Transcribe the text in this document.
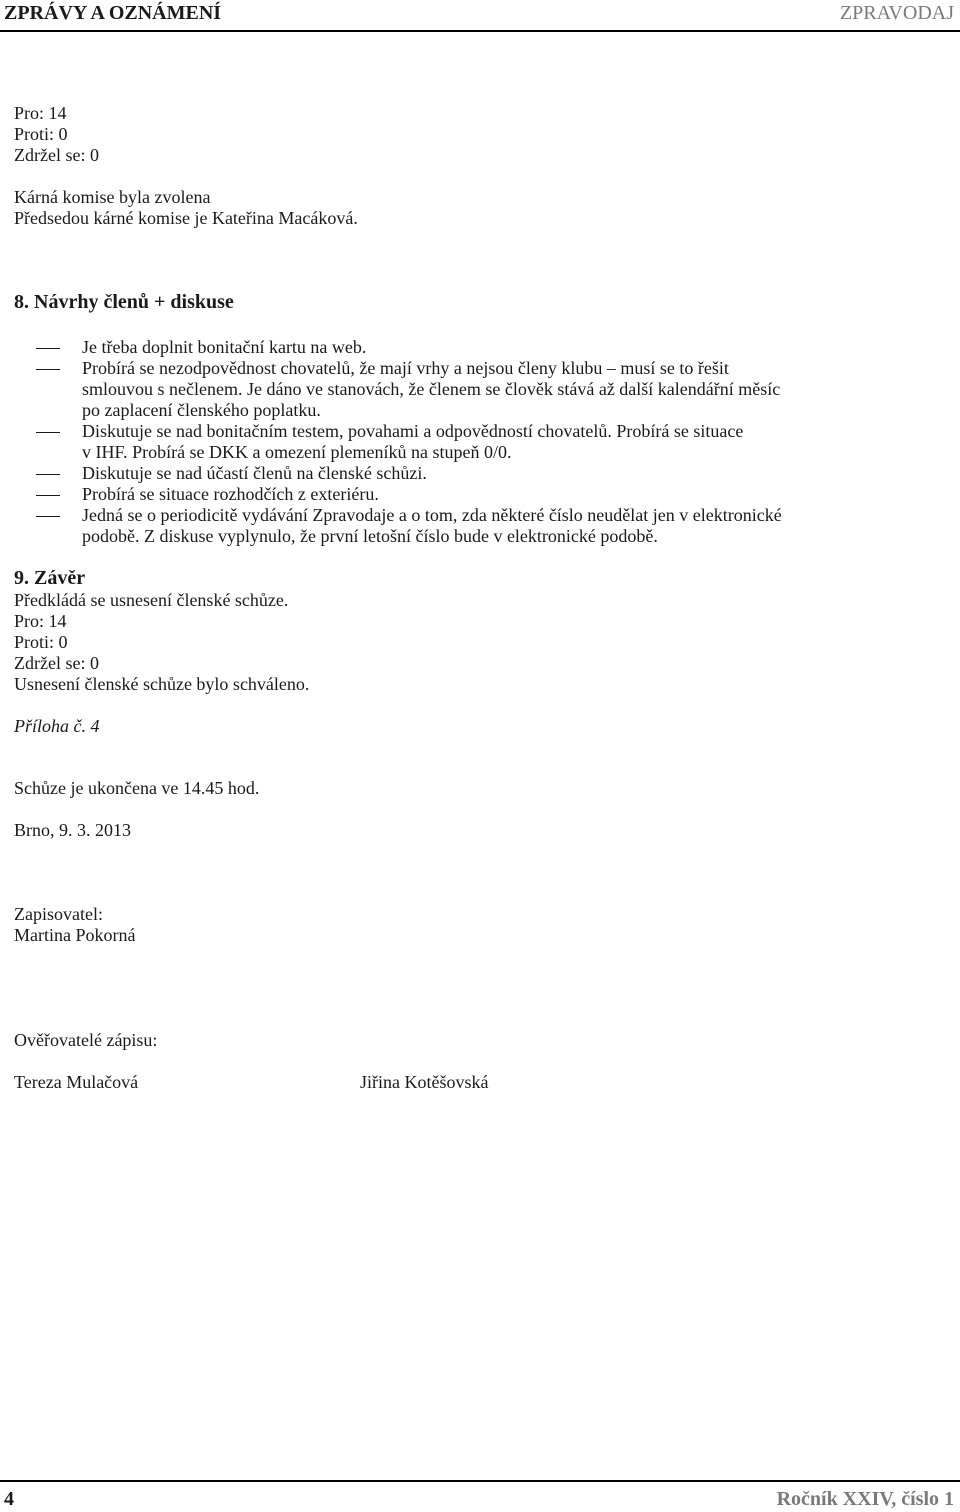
ZPRÁVY A OZNÁMENÍ	ZPRAVODAJ
Pro: 14
Proti: 0
Zdržel se: 0
Kárná komise byla zvolena
Předsedou kárné komise je Kateřina Macáková.
8. Návrhy členů + diskuse
Je třeba doplnit bonitační kartu na web.
Probírá se nezodpovědnost chovatelů, že mají vrhy a nejsou členy klubu – musí se to řešit
smlouvou s nečlenem. Je dáno ve stanovách, že členem se člověk stává až další kalendářní měsíc
po zaplacení členského poplatku.
Diskutuje se nad bonitačním testem, povahami a odpovědností chovatelů. Probírá se situace
v IHF. Probírá se DKK a omezení plemeníků na stupeň 0/0.
Diskutuje se nad účastí členů na členské schůzi.
Probírá se situace rozhodčích z exteriéru.
Jedná se o periodicitě vydávání Zpravodaje a o tom, zda některé číslo neudělat jen v elektronické
podobě. Z diskuse vyplynulo, že první letošní číslo bude v elektronické podobě.
9. Závěr
Předkládá se usnesení členské schůze.
Pro: 14
Proti: 0
Zdržel se: 0
Usnesení členské schůze bylo schváleno.
Příloha č. 4
Schůze je ukončena ve 14.45 hod.
Brno, 9. 3. 2013
Zapisovatel:
Martina Pokorná
Ověřovatelé zápisu:
Tereza Mulačová	Jiřina Kotěšovská
4	Ročník XXIV, číslo 1
